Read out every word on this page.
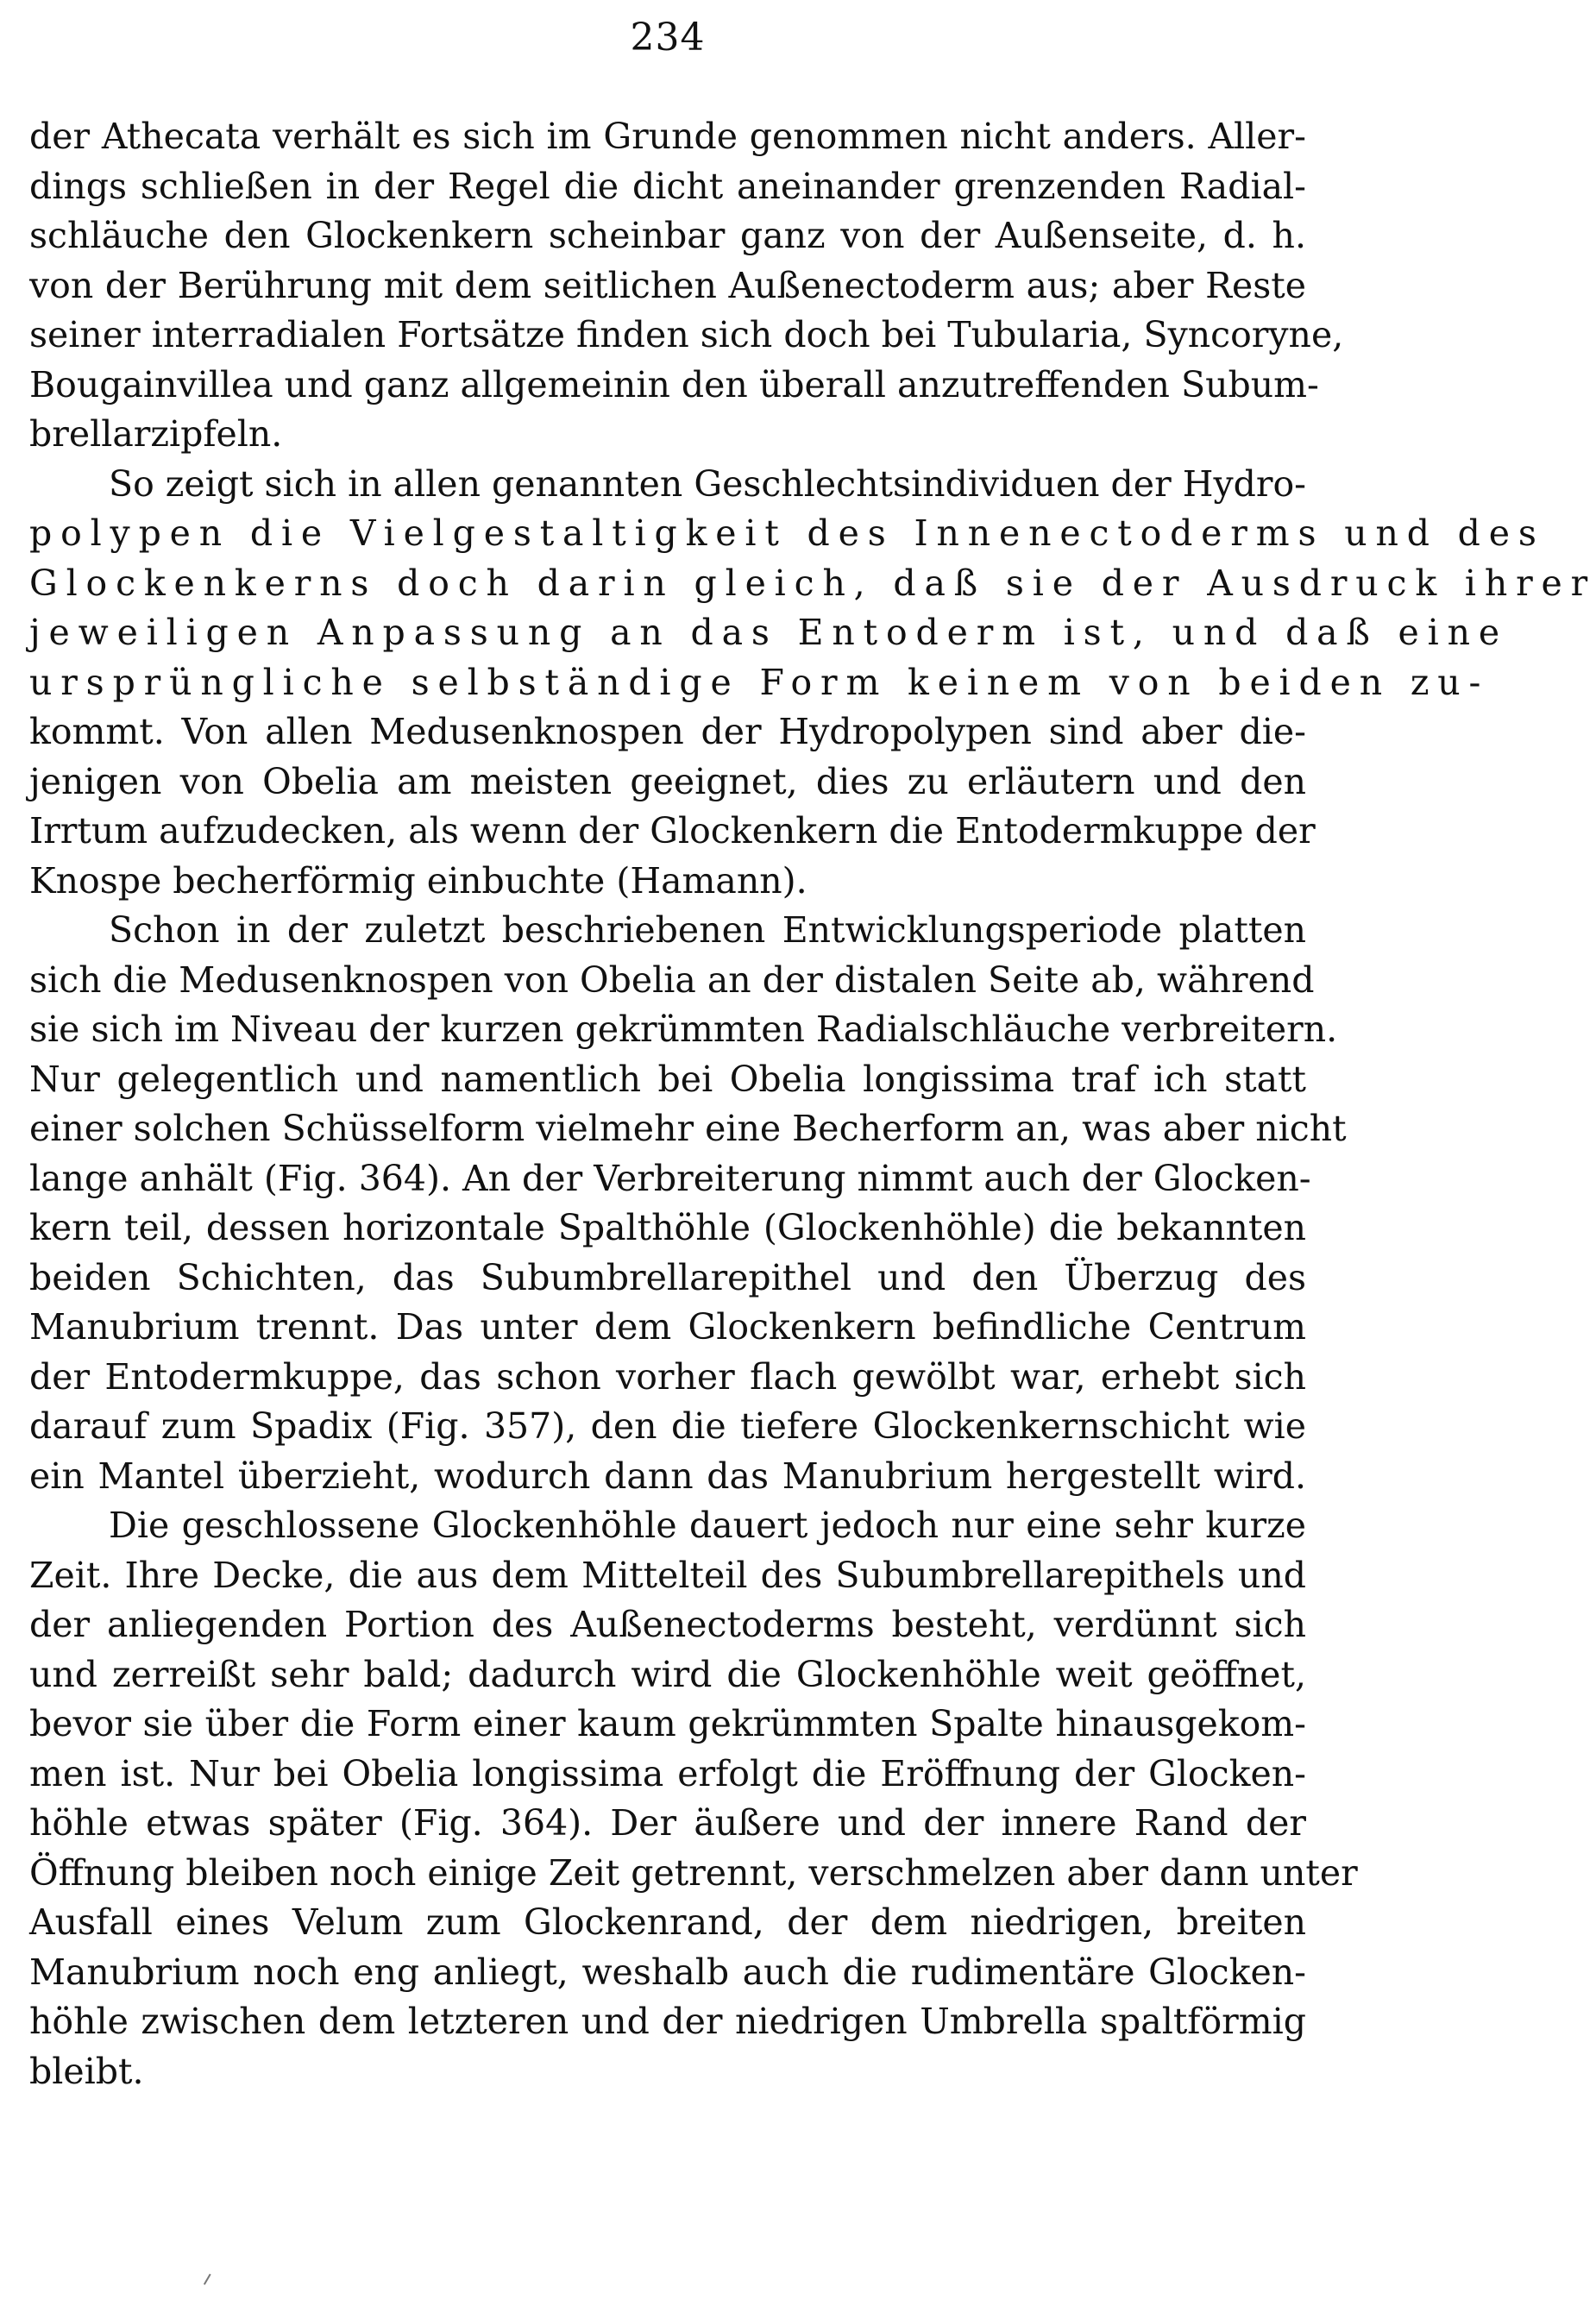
234
der Athecata verhält es sich im Grunde genommen nicht anders. Aller-
dings schließen in der Regel die dicht aneinander grenzenden Radial-
schläuche den Glockenkern scheinbar ganz von der Außenseite, d. h.
von der Berührung mit dem seitlichen Außenectoderm aus; aber Reste
seiner interradialen Fortsätze finden sich doch bei Tubularia, Syncoryne,
Bougainvillea und ganz allgemeinin den überall anzutreffenden Subum-
brellarzipfeln.
So zeigt sich in allen genannten Geschlechtsindividuen der Hydro-
polypen die Vielgestaltigkeit des Innenectoderms und des
Glockenkerns doch darin gleich, daß sie der Ausdruck ihrer
jeweiligen Anpassung an das Entoderm ist, und daß eine
ursprüngliche selbständige Form keinem von beiden zu-
kommt. Von allen Medusenknospen der Hydropolypen sind aber die-
jenigen von Obelia am meisten geeignet, dies zu erläutern und den
Irrtum aufzudecken, als wenn der Glockenkern die Entodermkuppe der
Knospe becherförmig einbuchte (Hamann).
Schon in der zuletzt beschriebenen Entwicklungsperiode platten
sich die Medusenknospen von Obelia an der distalen Seite ab, während
sie sich im Niveau der kurzen gekrümmten Radialschläuche verbreitern.
Nur gelegentlich und namentlich bei Obelia longissima traf ich statt
einer solchen Schüsselform vielmehr eine Becherform an, was aber nicht
lange anhält (Fig. 364). An der Verbreiterung nimmt auch der Glocken-
kern teil, dessen horizontale Spalthöhle (Glockenhöhle) die bekannten
beiden Schichten, das Subumbrellarepithel und den Überzug des
Manubrium trennt. Das unter dem Glockenkern befindliche Centrum
der Entodermkuppe, das schon vorher flach gewölbt war, erhebt sich
darauf zum Spadix (Fig. 357), den die tiefere Glockenkernschicht wie
ein Mantel überzieht, wodurch dann das Manubrium hergestellt wird.
Die geschlossene Glockenhöhle dauert jedoch nur eine sehr kurze
Zeit. Ihre Decke, die aus dem Mittelteil des Subumbrellarepithels und
der anliegenden Portion des Außenectoderms besteht, verdünnt sich
und zerreißt sehr bald; dadurch wird die Glockenhöhle weit geöffnet,
bevor sie über die Form einer kaum gekrümmten Spalte hinausgekom-
men ist. Nur bei Obelia longissima erfolgt die Eröffnung der Glocken-
höhle etwas später (Fig. 364). Der äußere und der innere Rand der
Öffnung bleiben noch einige Zeit getrennt, verschmelzen aber dann unter
Ausfall eines Velum zum Glockenrand, der dem niedrigen, breiten
Manubrium noch eng anliegt, weshalb auch die rudimentäre Glocken-
höhle zwischen dem letzteren und der niedrigen Umbrella spaltförmig
bleibt.
